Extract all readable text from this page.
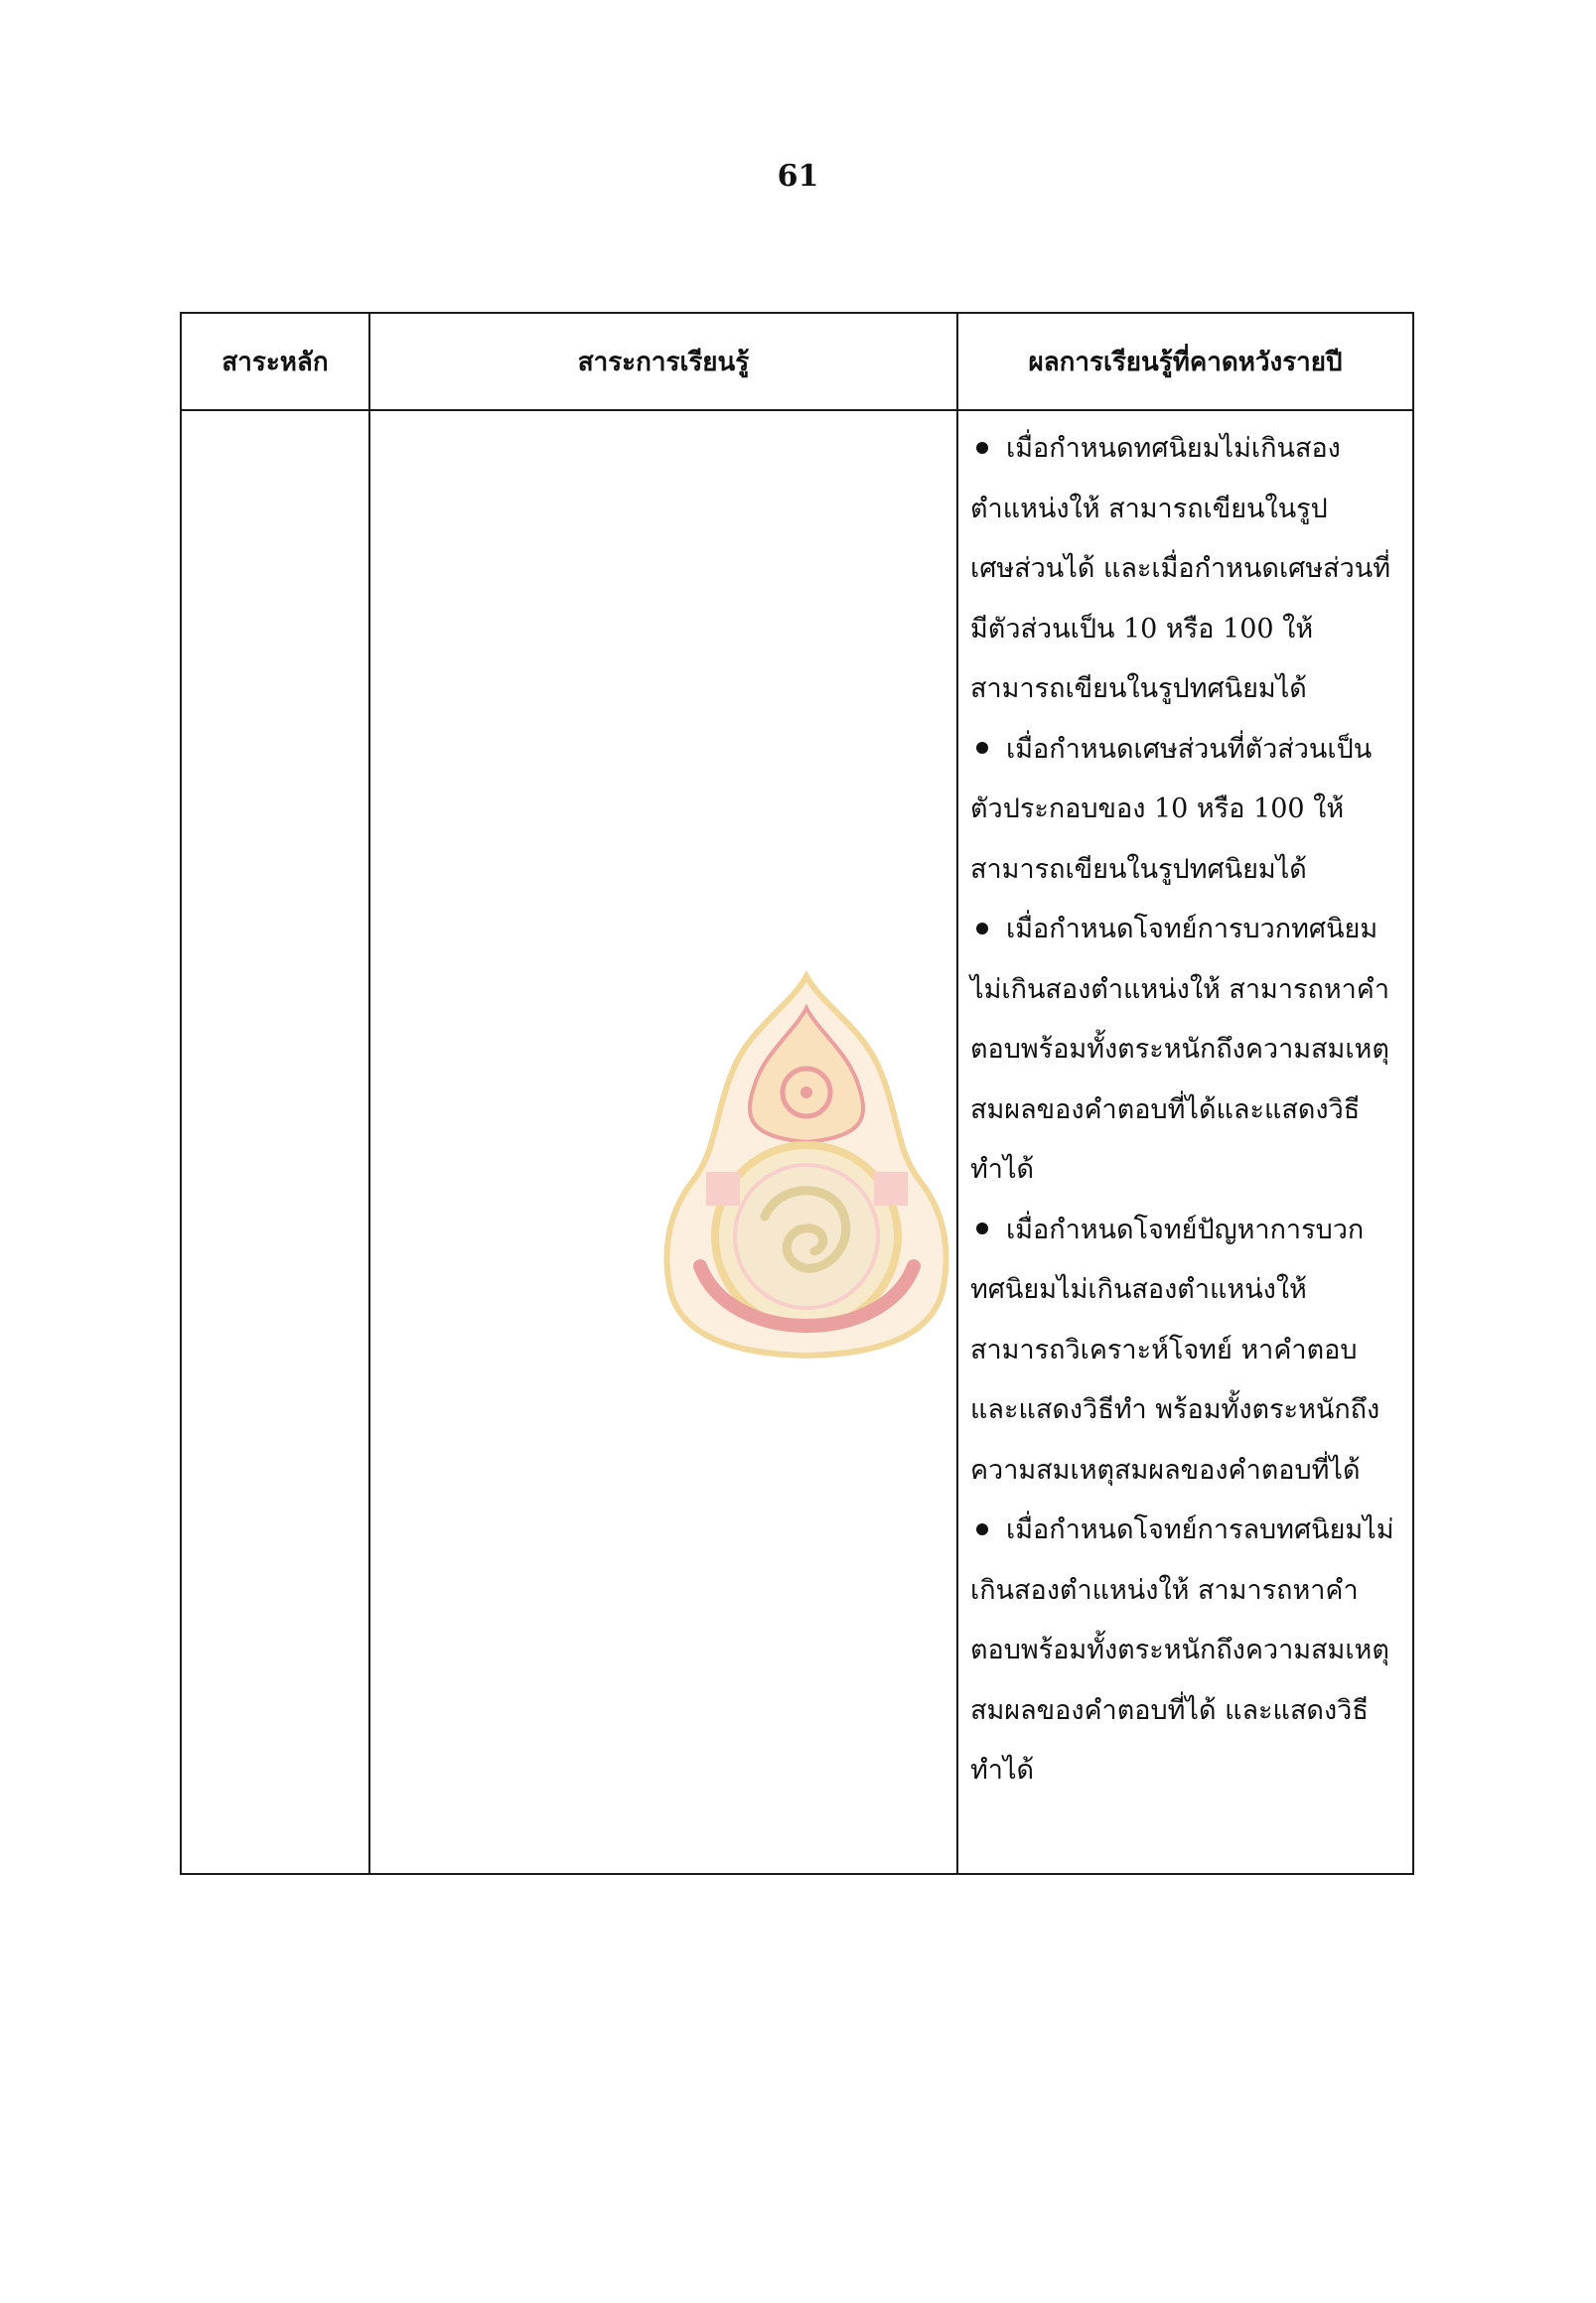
61
สาระหลัก	สาระการเรียนรู้	ผลการเรียนรู้ที่คาดหวังรายปี

		เมื่อกำหนดทศนิยมไม่เกินสองตำแหน่งให้ สามารถเขียนในรูปเศษส่วนได้ และเมื่อกำหนดเศษส่วนที่มีตัวส่วนเป็น 10 หรือ 100 ให้ สามารถเขียนในรูปทศนิยมได้

เมื่อกำหนดเศษส่วนที่ตัวส่วนเป็นตัวประกอบของ 10 หรือ 100 ให้ สามารถเขียนในรูปทศนิยมได้

เมื่อกำหนดโจทย์การบวกทศนิยมไม่เกินสองตำแหน่งให้ สามารถหาคำตอบพร้อมทั้งตระหนักถึงความสมเหตุสมผลของคำตอบที่ได้และแสดงวิธีทำได้

เมื่อกำหนดโจทย์ปัญหาการบวกทศนิยมไม่เกินสองตำแหน่งให้ สามารถวิเคราะห์โจทย์ หาคำตอบ และแสดงวิธีทำ พร้อมทั้งตระหนักถึงความสมเหตุสมผลของคำตอบที่ได้

เมื่อกำหนดโจทย์การลบทศนิยมไม่เกินสองตำแหน่งให้ สามารถหาคำตอบพร้อมทั้งตระหนักถึงความสมเหตุสมผลของคำตอบที่ได้ และแสดงวิธีทำได้
